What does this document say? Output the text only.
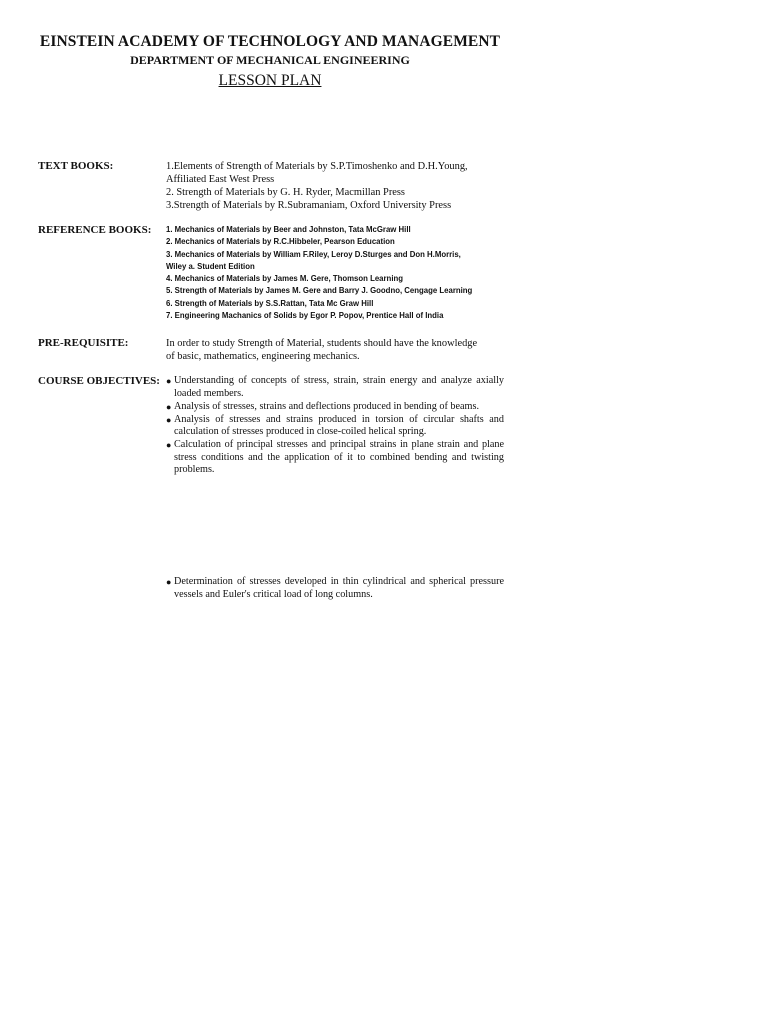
EINSTEIN ACADEMY OF TECHNOLOGY AND MANAGEMENT
DEPARTMENT OF MECHANICAL ENGINEERING
LESSON PLAN
TEXT BOOKS:	1.Elements of Strength of Materials by S.P.Timoshenko and D.H.Young,
Affiliated East West Press
2. Strength of Materials by G. H. Ryder, Macmillan Press
3.Strength of Materials by R.Subramaniam, Oxford University Press
REFERENCE BOOKS:	1. Mechanics of Materials by Beer and Johnston, Tata McGraw Hill
2. Mechanics of Materials by R.C.Hibbeler, Pearson Education
3. Mechanics of Materials by William F.Riley, Leroy D.Sturges and Don H.Morris,
Wiley a. Student Edition
4. Mechanics of Materials by James M. Gere, Thomson Learning
5. Strength of Materials by James M. Gere and Barry J. Goodno, Cengage Learning
6. Strength of Materials by S.S.Rattan, Tata Mc Graw Hill
7. Engineering Machanics of Solids by Egor P. Popov, Prentice Hall of India
PRE-REQUISITE:	In order to study Strength of Material, students should have the knowledge
of basic, mathematics, engineering mechanics.
COURSE OBJECTIVES: ● Understanding of concepts of stress, strain, strain energy and analyze axially loaded members.
● Analysis of stresses, strains and deflections produced in bending of beams.
● Analysis of stresses and strains produced in torsion of circular shafts and calculation of stresses produced in close-coiled helical spring.
● Calculation of principal stresses and principal strains in plane strain and plane stress conditions and the application of it to combined bending and twisting problems.
● Determination of stresses developed in thin cylindrical and spherical pressure vessels and Euler's critical load of long columns.
